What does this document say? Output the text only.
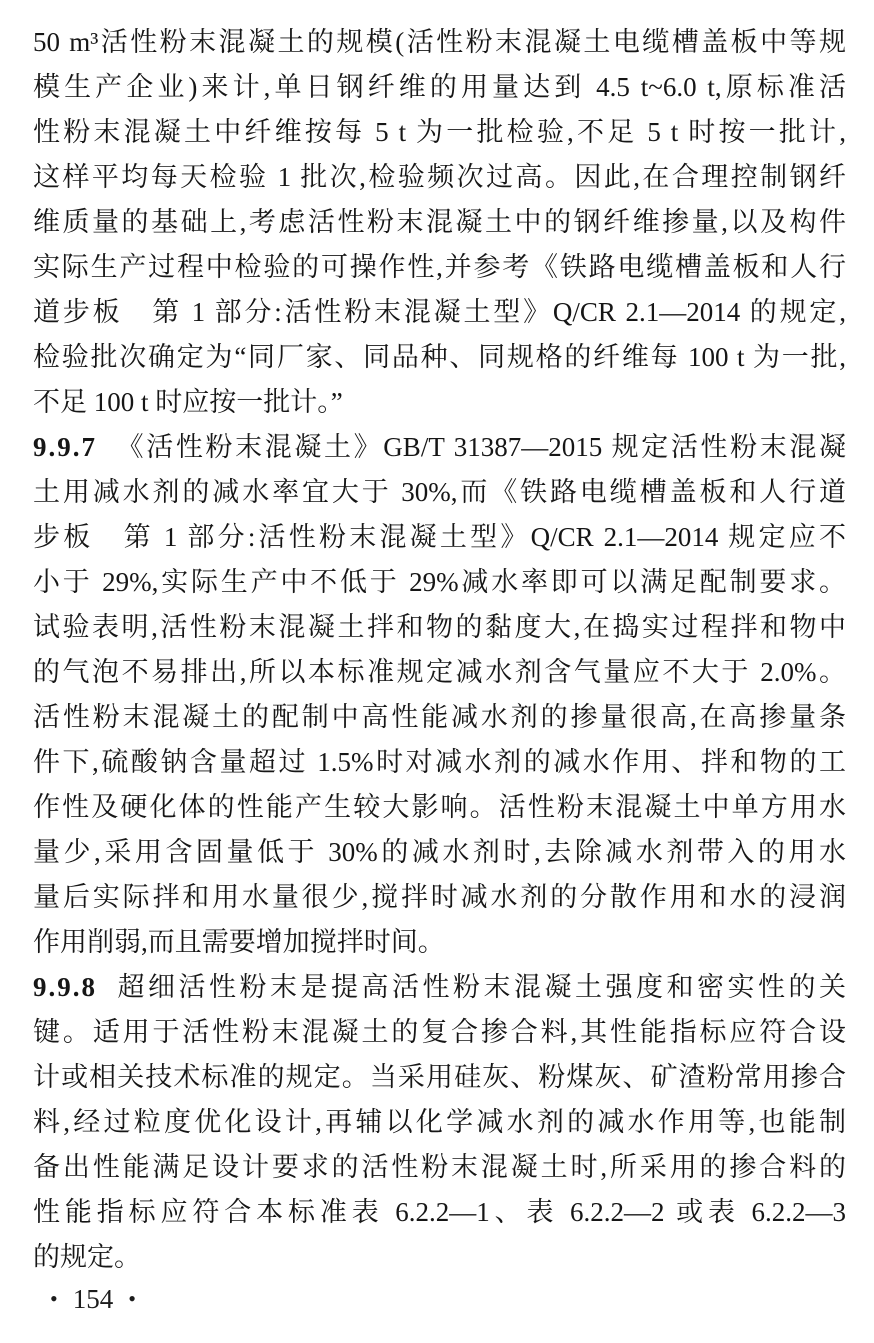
50 m³活性粉末混凝土的规模(活性粉末混凝土电缆槽盖板中等规
模生产企业)来计,单日钢纤维的用量达到 4.5 t~6.0 t,原标准活
性粉末混凝土中纤维按每 5 t 为一批检验,不足 5 t 时按一批计,
这样平均每天检验 1 批次,检验频次过高。因此,在合理控制钢纤
维质量的基础上,考虑活性粉末混凝土中的钢纤维掺量,以及构件
实际生产过程中检验的可操作性,并参考《铁路电缆槽盖板和人行
道步板　第 1 部分:活性粉末混凝土型》Q/CR 2.1—2014 的规定,
检验批次确定为“同厂家、同品种、同规格的纤维每 100 t 为一批,
不足 100 t 时应按一批计。”
9.9.7 《活性粉末混凝土》GB/T 31387—2015 规定活性粉末混凝
土用减水剂的减水率宜大于 30%,而《铁路电缆槽盖板和人行道
步板　第 1 部分:活性粉末混凝土型》Q/CR 2.1—2014 规定应不
小于 29%,实际生产中不低于 29%减水率即可以满足配制要求。
试验表明,活性粉末混凝土拌和物的黏度大,在捣实过程拌和物中
的气泡不易排出,所以本标准规定减水剂含气量应不大于 2.0%。
活性粉末混凝土的配制中高性能减水剂的掺量很高,在高掺量条
件下,硫酸钠含量超过 1.5%时对减水剂的减水作用、拌和物的工
作性及硬化体的性能产生较大影响。活性粉末混凝土中单方用水
量少,采用含固量低于 30%的减水剂时,去除减水剂带入的用水
量后实际拌和用水量很少,搅拌时减水剂的分散作用和水的浸润
作用削弱,而且需要增加搅拌时间。
9.9.8 超细活性粉末是提高活性粉末混凝土强度和密实性的关
键。适用于活性粉末混凝土的复合掺合料,其性能指标应符合设
计或相关技术标准的规定。当采用硅灰、粉煤灰、矿渣粉常用掺合
料,经过粒度优化设计,再辅以化学减水剂的减水作用等,也能制
备出性能满足设计要求的活性粉末混凝土时,所采用的掺合料的
性能指标应符合本标准表 6.2.2—1、表 6.2.2—2 或表 6.2.2—3
的规定。
• 154 •
